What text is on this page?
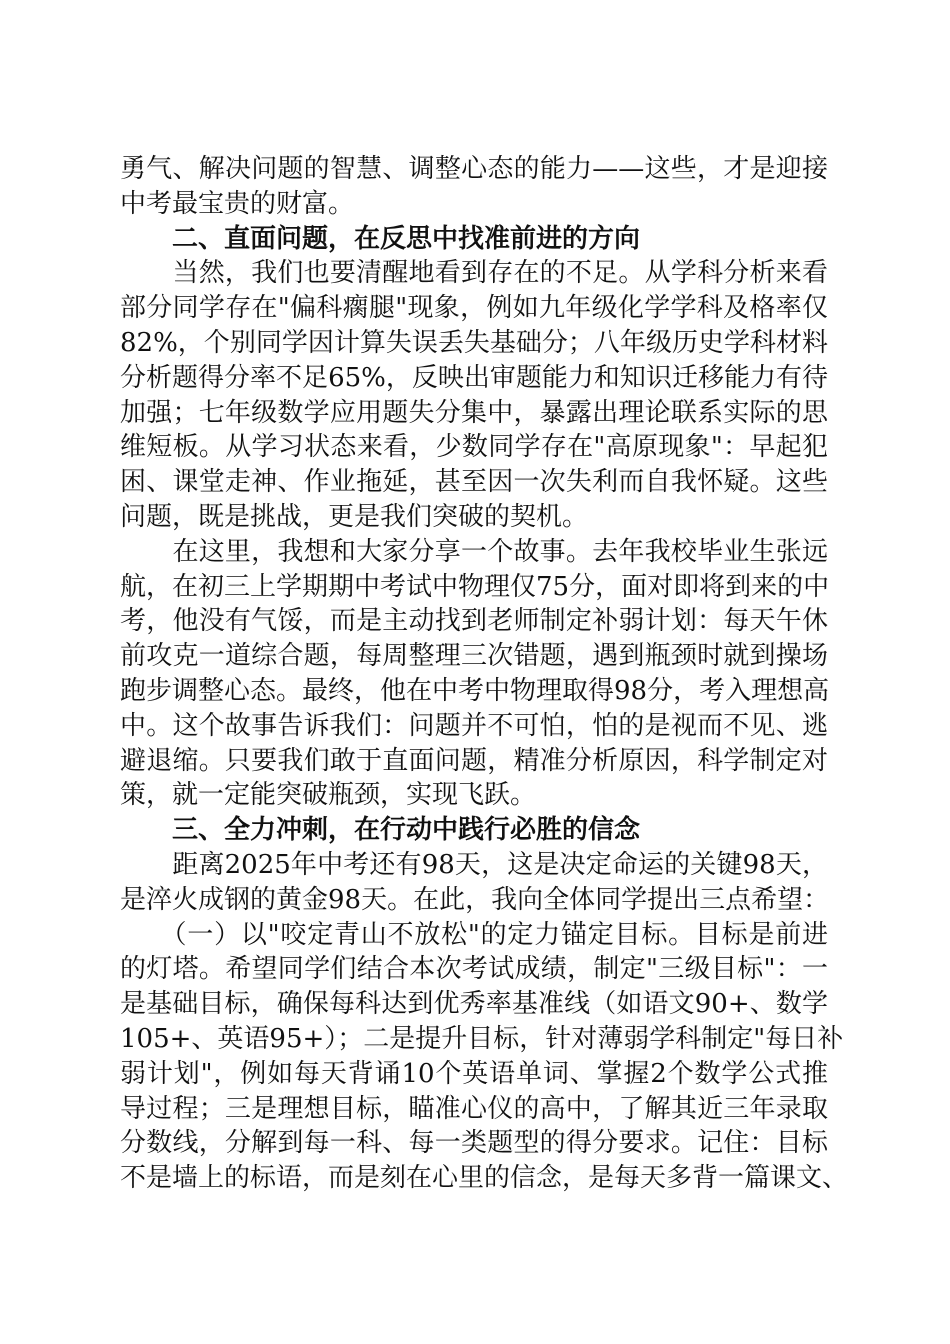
勇气、解决问题的智慧、调整心态的能力——这些，才是迎接
中考最宝贵的财富。
二、直面问题，在反思中找准前进的方向
　　当然，我们也要清醒地看到存在的不足。从学科分析来看
部分同学存在"偏科瘸腿"现象，例如九年级化学学科及格率仅
82%，个别同学因计算失误丢失基础分；八年级历史学科材料
分析题得分率不足65%，反映出审题能力和知识迁移能力有待
加强；七年级数学应用题失分集中，暴露出理论联系实际的思
维短板。从学习状态来看，少数同学存在"高原现象"：早起犯
困、课堂走神、作业拖延，甚至因一次失利而自我怀疑。这些
问题，既是挑战，更是我们突破的契机。
　　在这里，我想和大家分享一个故事。去年我校毕业生张远
航，在初三上学期期中考试中物理仅75分，面对即将到来的中
考，他没有气馁，而是主动找到老师制定补弱计划：每天午休
前攻克一道综合题，每周整理三次错题，遇到瓶颈时就到操场
跑步调整心态。最终，他在中考中物理取得98分，考入理想高
中。这个故事告诉我们：问题并不可怕，怕的是视而不见、逃
避退缩。只要我们敢于直面问题，精准分析原因，科学制定对
策，就一定能突破瓶颈，实现飞跃。
三、全力冲刺，在行动中践行必胜的信念
　　距离2025年中考还有98天，这是决定命运的关键98天，
是淬火成钢的黄金98天。在此，我向全体同学提出三点希望：
　　（一）以"咬定青山不放松"的定力锚定目标。目标是前进
的灯塔。希望同学们结合本次考试成绩，制定"三级目标"：一
是基础目标，确保每科达到优秀率基准线（如语文90+、数学
105+、英语95+）；二是提升目标，针对薄弱学科制定"每日补
弱计划"，例如每天背诵10个英语单词、掌握2个数学公式推
导过程；三是理想目标，瞄准心仪的高中，了解其近三年录取
分数线，分解到每一科、每一类题型的得分要求。记住：目标
不是墙上的标语，而是刻在心里的信念，是每天多背一篇课文、
